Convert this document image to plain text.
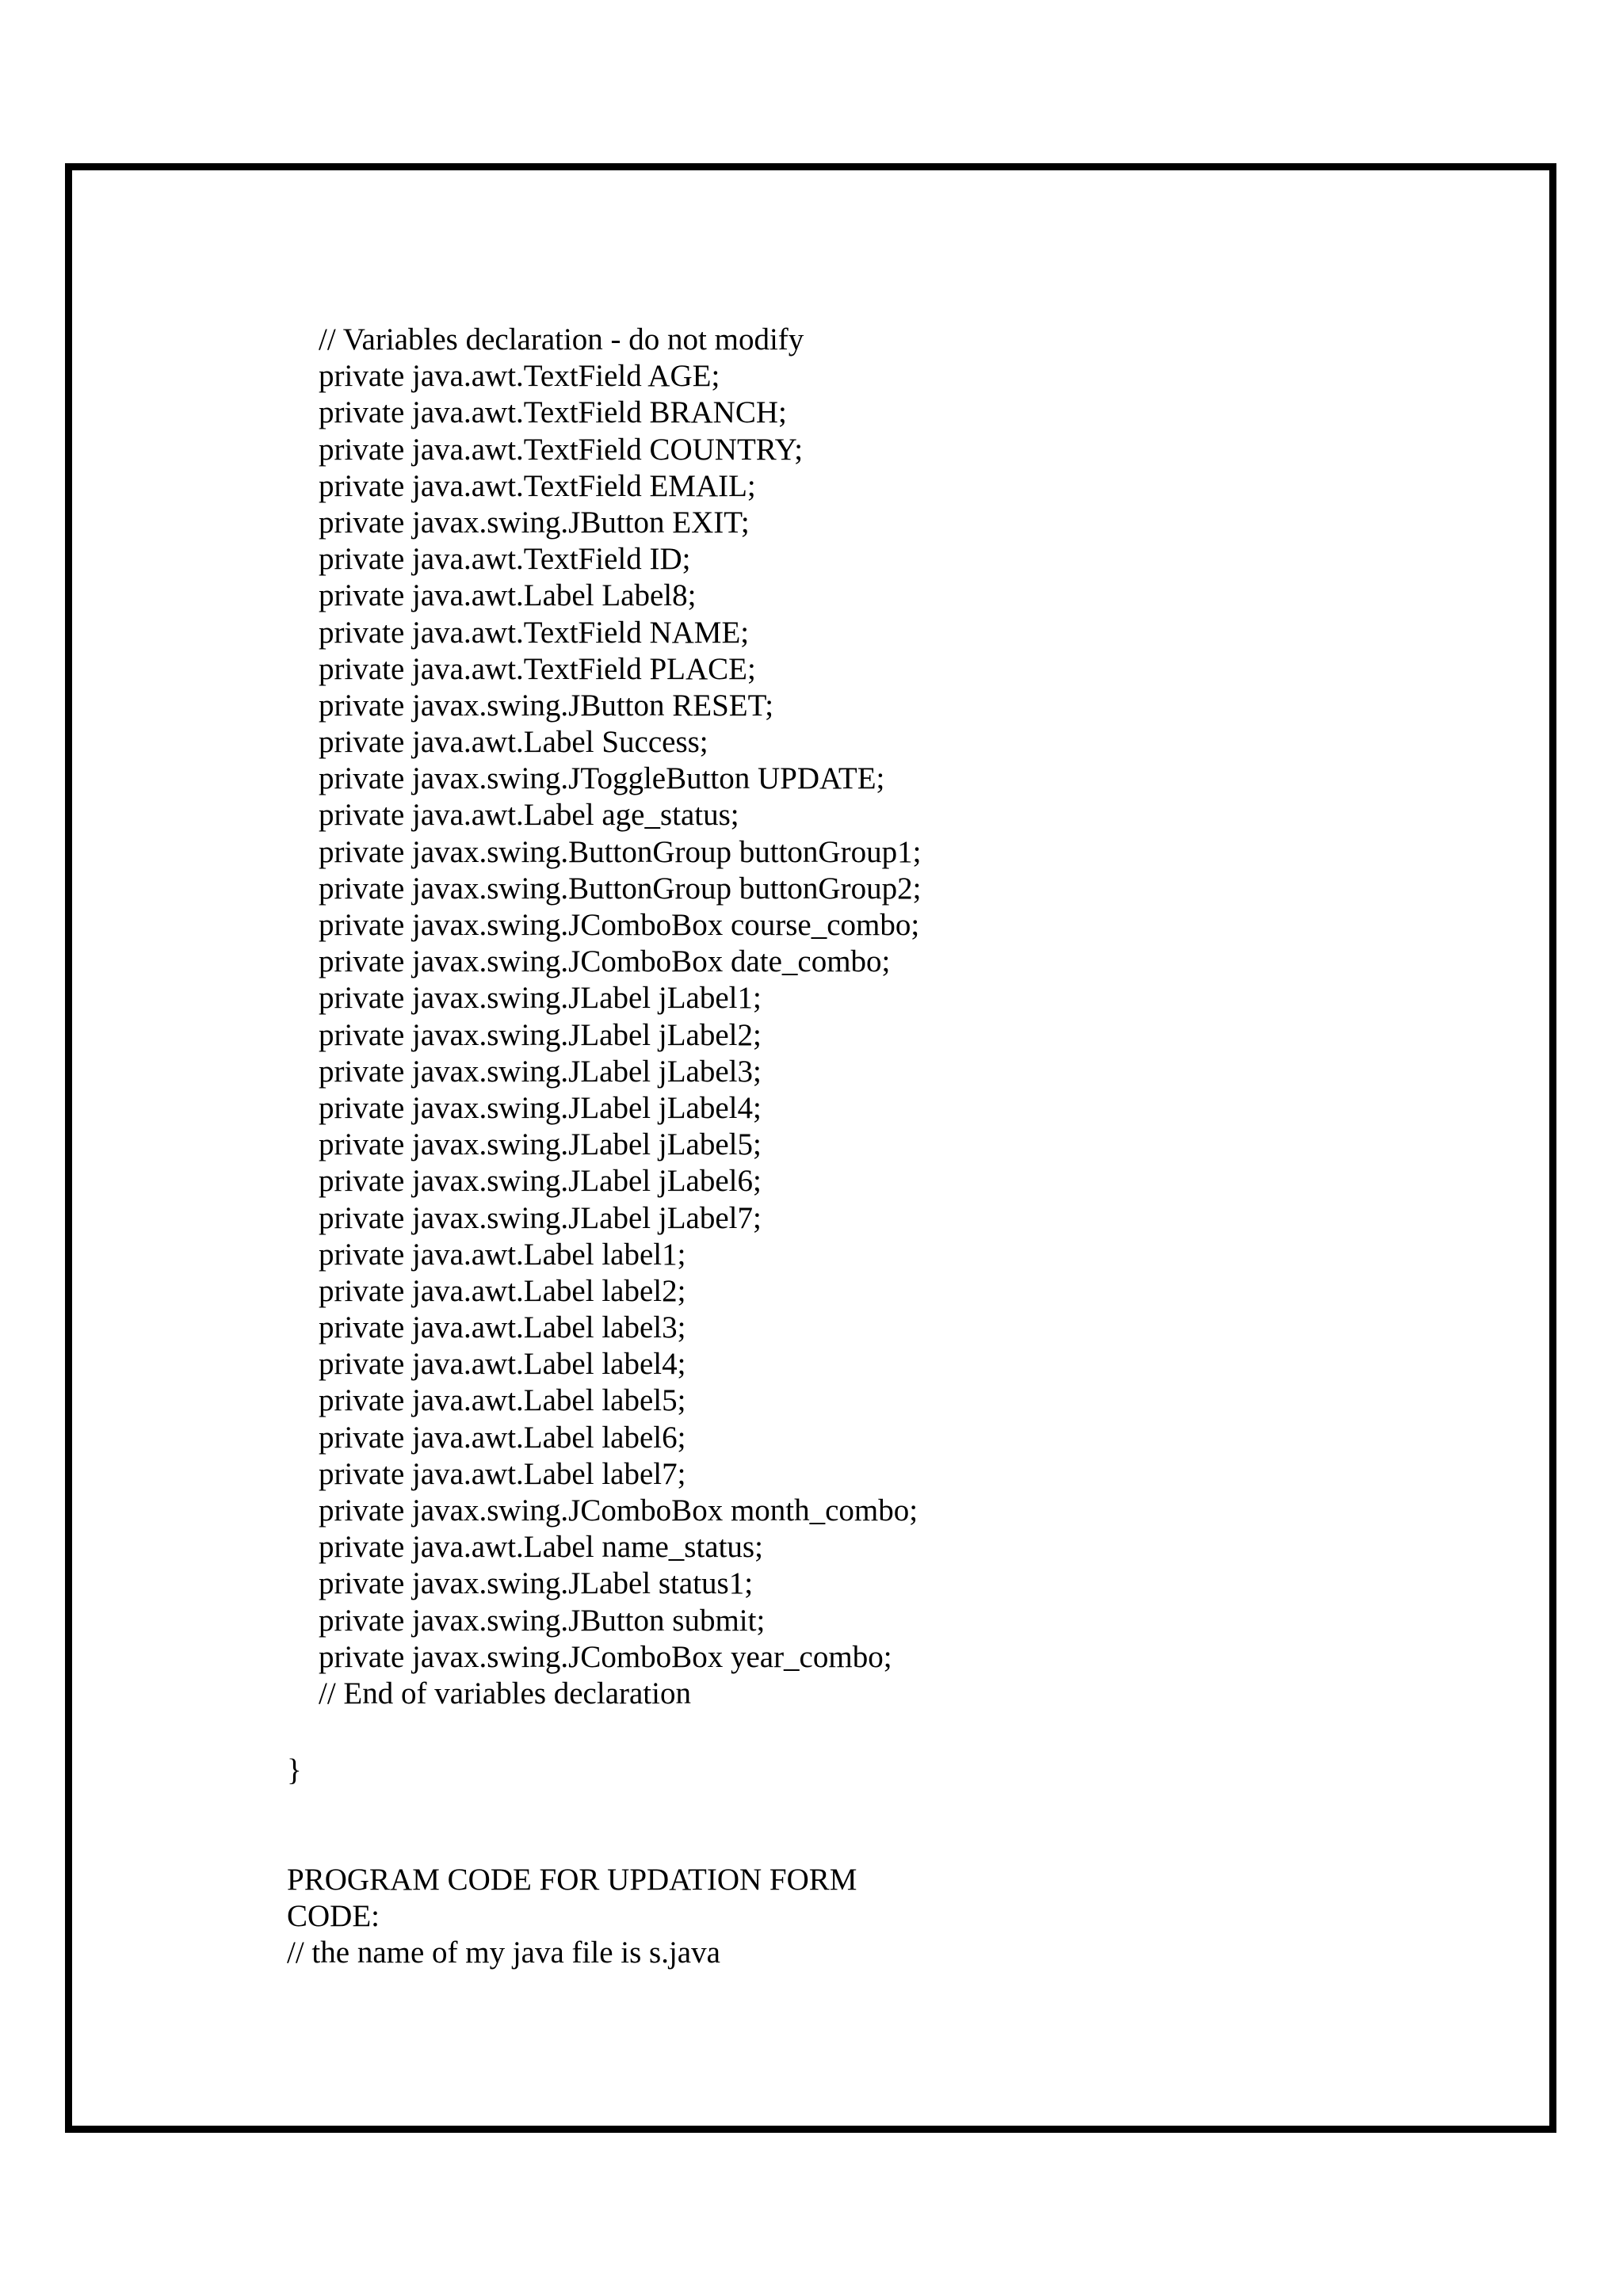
// Variables declaration - do not modify
private java.awt.TextField AGE;
private java.awt.TextField BRANCH;
private java.awt.TextField COUNTRY;
private java.awt.TextField EMAIL;
private javax.swing.JButton EXIT;
private java.awt.TextField ID;
private java.awt.Label Label8;
private java.awt.TextField NAME;
private java.awt.TextField PLACE;
private javax.swing.JButton RESET;
private java.awt.Label Success;
private javax.swing.JToggleButton UPDATE;
private java.awt.Label age_status;
private javax.swing.ButtonGroup buttonGroup1;
private javax.swing.ButtonGroup buttonGroup2;
private javax.swing.JComboBox course_combo;
private javax.swing.JComboBox date_combo;
private javax.swing.JLabel jLabel1;
private javax.swing.JLabel jLabel2;
private javax.swing.JLabel jLabel3;
private javax.swing.JLabel jLabel4;
private javax.swing.JLabel jLabel5;
private javax.swing.JLabel jLabel6;
private javax.swing.JLabel jLabel7;
private java.awt.Label label1;
private java.awt.Label label2;
private java.awt.Label label3;
private java.awt.Label label4;
private java.awt.Label label5;
private java.awt.Label label6;
private java.awt.Label label7;
private javax.swing.JComboBox month_combo;
private java.awt.Label name_status;
private javax.swing.JLabel status1;
private javax.swing.JButton submit;
private javax.swing.JComboBox year_combo;
// End of variables declaration
}
PROGRAM CODE FOR UPDATION FORM
CODE:
// the name of my java file is s.java
